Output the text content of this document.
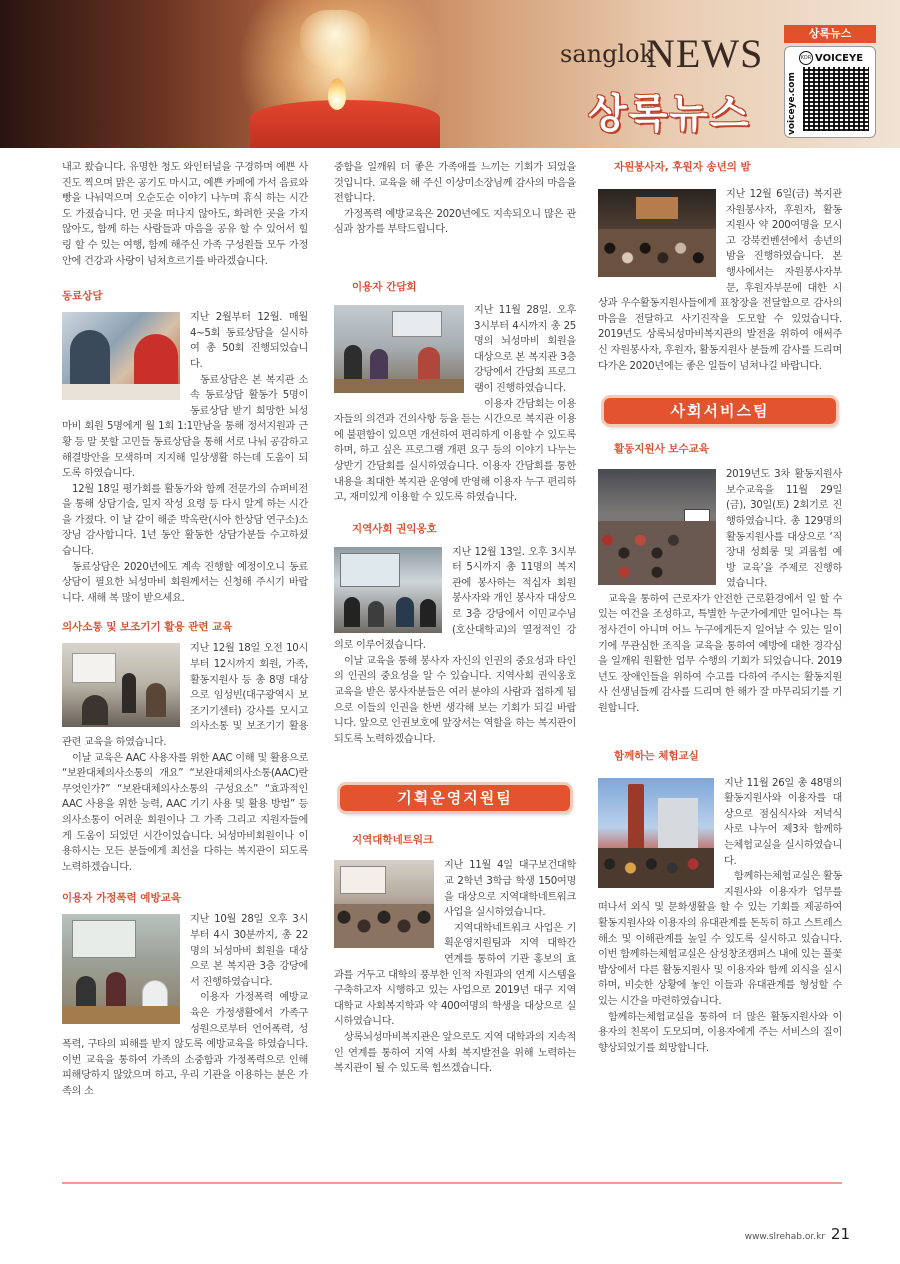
sanglok
NEWS
상록뉴스
상록뉴스
voiceye.com
KOR VOICEYE

내고 왔습니다. 유명한 청도 와인터널을 구경하며 예쁜 사진도 찍으며 맑은 공기도 마시고, 예쁜 카페에 가서 음료와 빵을 나눠먹으며 오순도순 이야기 나누며 휴식 하는 시간도 가졌습니다. 먼 곳을 떠나지 않아도, 화려한 곳을 가지 않아도, 함께 하는 사람들과 마음을 공유 할 수 있어서 힐링 할 수 있는 여행, 함께 해주신 가족 구성원들 모두 가정 안에 건강과 사랑이 넘쳐흐르기를 바라겠습니다.

동료상담

지난 2월부터 12월. 매월 4~5회 동료상담을 실시하여 총 50회 진행되었습니다.

동료상담은 본 복지관 소속 동료상담 활동가 5명이 동료상담 받기 희망한 뇌성마비 회원 5명에게 월 1회 1:1만남을 통해 정서지원과 근황 등 말 못할 고민들 동료상담을 통해 서로 나눠 공감하고 해결방안을 모색하며 지지해 일상생활 하는데 도움이 되도록 하였습니다.

12월 18일 평가회를 활동가와 함께 전문가의 슈퍼비전을 통해 상담기술, 일지 작성 요령 등 다시 알게 하는 시간을 가졌다. 이 날 같이 해준 박옥란(시아 한상담 연구소)소장님 감사합니다. 1년 동안 활동한 상담가분들 수고하셨습니다.

동료상담은 2020년에도 계속 진행할 예정이오니 동료상담이 필요한 뇌성마비 회원께서는 신청해 주시기 바랍니다. 새해 복 많이 받으세요.

의사소통 및 보조기기 활용 관련 교육

지난 12월 18일 오전 10시부터 12시까지 회원, 가족, 활동지원사 등 총 8명 대상으로 임성빈(대구광역시 보조기기센터) 강사를 모시고 의사소통 및 보조기기 활용 관련 교육을 하였습니다.

이날 교육은 AAC 사용자를 위한 AAC 이해 및 활용으로 “보완대체의사소통의 개요” “보완대체의사소통(AAC)란 무엇인가?” “보완대체의사소통의 구성요소” “효과적인 AAC 사용을 위한 능력, AAC 기기 사용 및 활용 방법” 등 의사소통이 어려운 회원이나 그 가족 그리고 지원자들에게 도움이 되었던 시간이었습니다. 뇌성마비회원이나 이용하시는 모든 분들에게 최선을 다하는 복지관이 되도록 노력하겠습니다.

이용자 가정폭력 예방교육

지난 10월 28일 오후 3시부터 4시 30분까지, 총 22명의 뇌성마비 회원을 대상으로 본 복지관 3층 강당에서 진행하였습니다.

이용자 가정폭력 예방교육은 가정생활에서 가족구성원으로부터 언어폭력, 성폭력, 구타의 피해를 받지 않도록 예방교육을 하였습니다. 이번 교육을 통하여 가족의 소중함과 가정폭력으로 인해 피해당하지 않았으며 하고, 우리 기관을 이용하는 분은 가족의 소

중함을 일깨워 더 좋은 가족애를 느끼는 기회가 되었을 것입니다. 교육을 해 주신 이상미소장님께 감사의 마음을 전합니다.

가정폭력 예방교육은 2020년에도 지속되오니 많은 관심과 참가를 부탁드립니다.

이용자 간담회

지난 11월 28일. 오후 3시부터 4시까지 총 25명의 뇌성마비 회원을 대상으로 본 복지관 3층 강당에서 간담회 프로그램이 진행하였습니다.

이용자 간담회는 이용자들의 의견과 건의사항 등을 듣는 시간으로 복지관 이용에 불편함이 있으면 개선하여 편리하게 이용할 수 있도록 하며, 하고 싶은 프로그램 개편 요구 등의 이야기 나누는 상반기 간담회를 실시하였습니다. 이용자 간담회를 통한 내용을 최대한 복지관 운영에 반영해 이용자 누구 편리하고, 재미있게 이용할 수 있도록 하였습니다.

지역사회 권익옹호

지난 12월 13일. 오후 3시부터 5시까지 총 11명의 복지관에 봉사하는 적십자 회원 봉사자와 개인 봉사자 대상으로 3층 강당에서 이민교수님(호산대학교)의 열정적인 강의로 이루어졌습니다.

이날 교육을 통해 봉사자 자신의 인권의 중요성과 타인의 인권의 중요성을 알 수 있습니다. 지역사회 권익옹호교육을 받은 봉사자분들은 여러 분야의 사람과 접하게 됨으로 이들의 인권을 한번 생각해 보는 기회가 되길 바랍니다. 앞으로 인권보호에 앞장서는 역할을 하는 복지관이 되도록 노력하겠습니다.

기획운영지원팀
지역대학네트워크

지난 11월 4일 대구보건대학교 2학년 3학급 학생 150여명을 대상으로 지역대학네트워크 사업을 실시하였습니다.

지역대학네트워크 사업은 기획운영지원팀과 지역 대학간 연계를 통하여 기관 홍보의 효과를 거두고 대학의 풍부한 인적 자원과의 연계 시스템을 구축하고자 시행하고 있는 사업으로 2019년 대구 지역 대학교 사회복지학과 약 400여명의 학생을 대상으로 실시하였습니다.

상록뇌성마비복지관은 앞으로도 지역 대학과의 지속적인 연계를 통하여 지역 사회 복지발전을 위해 노력하는 복지관이 될 수 있도록 힘쓰겠습니다.

자원봉사자, 후원자 송년의 밤

지난 12월 6일(금) 복지관 자원봉사자, 후원자, 활동지원사 약 200여명을 모시고 강북컨벤션에서 송년의 밤을 진행하였습니다. 본 행사에서는 자원봉사자부문, 후원자부문에 대한 시상과 우수활동지원사들에게 표창장을 전달함으로 감사의 마음을 전달하고 사기진작을 도모할 수 있었습니다. 2019년도 상록뇌성마비복지관의 발전을 위하여 애써주신 자원봉사자, 후원자, 활동지원사 분들께 감사를 드리며 다가온 2020년에는 좋은 일들이 넘쳐나길 바랍니다.

사회서비스팀
활동지원사 보수교육

2019년도 3차 활동지원사 보수교육을 11월 29일(금), 30일(토) 2회기로 진행하였습니다. 총 129명의 활동지원사를 대상으로 ‘직장내 성희롱 및 괴롭힘 예방 교육’을 주제로 진행하였습니다.

교육을 통하여 근로자가 안전한 근로환경에서 일 할 수 있는 여건을 조성하고, 특별한 누군가에게만 일어나는 특정사건이 아니며 어느 누구에게든지 일어날 수 있는 일이기에 무관심한 조직을 교육을 통하여 예방에 대한 경각심을 일깨워 원활한 업무 수행의 기회가 되었습니다. 2019년도 장애인들을 위하여 수고를 다하여 주시는 활동지원사 선생님들께 감사를 드리며 한 해가 잘 마무리되기를 기원합니다.

함께하는 체험교실

지난 11월 26일 총 48명의 활동지원사와 이용자를 대상으로 점심식사와 저녁식사로 나누어 제3차 함께하는체험교실을 실시하였습니다.

함께하는체험교실은 활동지원사와 이용자가 업무를 떠나서 외식 및 문화생활을 할 수 있는 기회를 제공하여 활동지원사와 이용자의 유대관계를 돈독히 하고 스트레스 해소 및 이해관계를 높일 수 있도록 실시하고 있습니다. 이번 함께하는체험교실은 삼성창조캠퍼스 내에 있는 풀꽃밥상에서 다른 활동지원사 및 이용자와 함께 외식을 실시하며, 비슷한 상황에 놓인 이들과 유대관계를 형성할 수 있는 시간을 마련하였습니다.

함께하는체험교실을 통하여 더 많은 활동지원사와 이용자의 친목이 도모되며, 이용자에게 주는 서비스의 질이 향상되었기를 희망합니다.

www.slrehab.or.kr 21
